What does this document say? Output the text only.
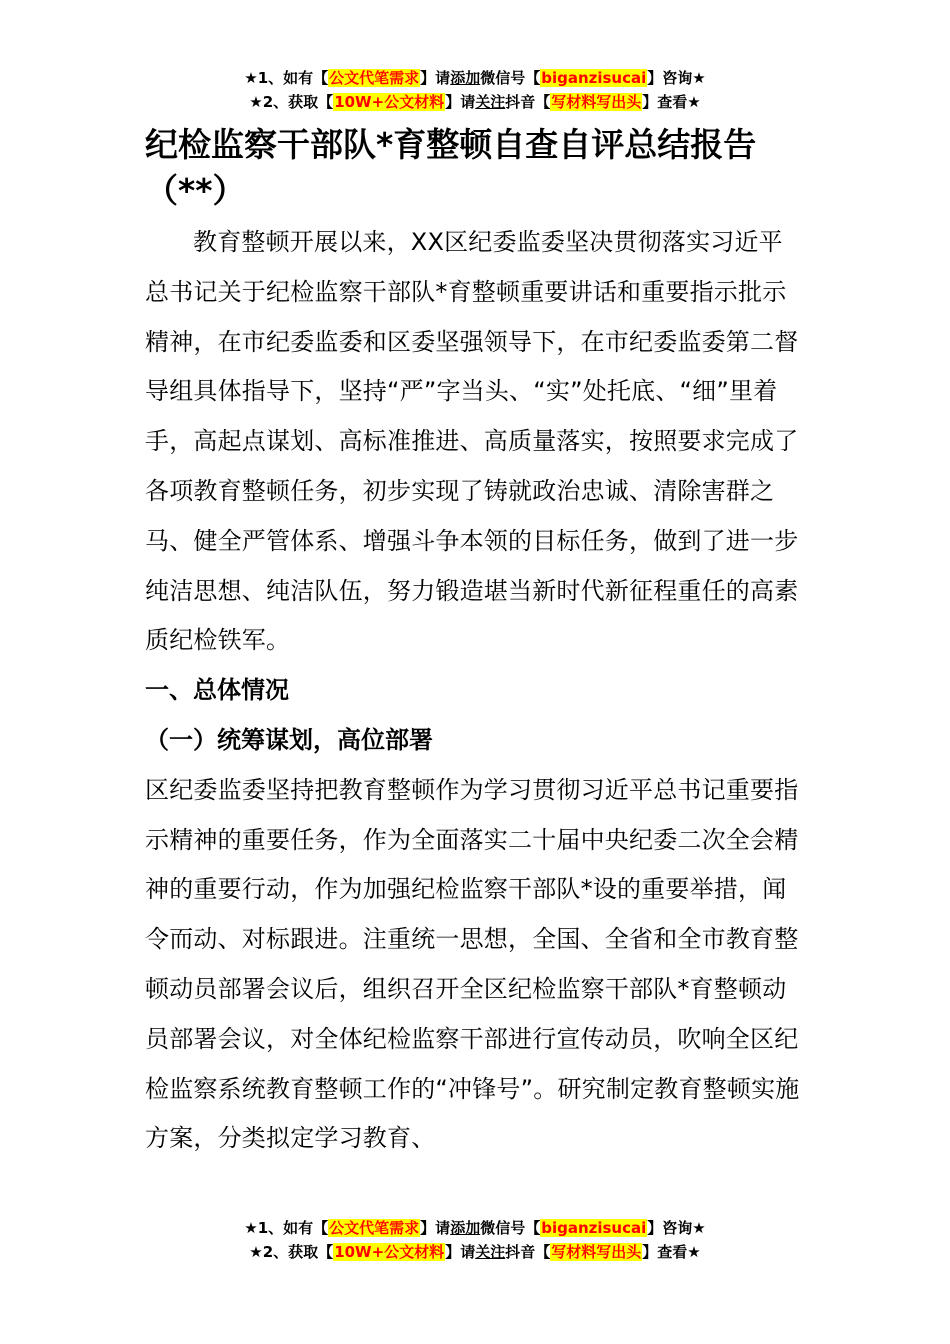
★1、如有【公文代笔需求】请添加微信号【biganzisucai】咨询★
★2、获取【10W+公文材料】请关注抖音【写材料写出头】查看★
纪检监察干部队*育整顿自查自评总结报告
（**）

教育整顿开展以来，XX区纪委监委坚决贯彻落实习近平总书记关于纪检监察干部队*育整顿重要讲话和重要指示批示精神，在市纪委监委和区委坚强领导下，在市纪委监委第二督导组具体指导下，坚持“严”字当头、“实”处托底、“细”里着手，高起点谋划、高标准推进、高质量落实，按照要求完成了各项教育整顿任务，初步实现了铸就政治忠诚、清除害群之马、健全严管体系、增强斗争本领的目标任务，做到了进一步纯洁思想、纯洁队伍，努力锻造堪当新时代新征程重任的高素质纪检铁军。

一、总体情况
（一）统筹谋划，高位部署

区纪委监委坚持把教育整顿作为学习贯彻习近平总书记重要指示精神的重要任务，作为全面落实二十届中央纪委二次全会精神的重要行动，作为加强纪检监察干部队*设的重要举措，闻令而动、对标跟进。注重统一思想，全国、全省和全市教育整顿动员部署会议后，组织召开全区纪检监察干部队*育整顿动员部署会议，对全体纪检监察干部进行宣传动员，吹响全区纪检监察系统教育整顿工作的“冲锋号”。研究制定教育整顿实施方案，分类拟定学习教育、

★1、如有【公文代笔需求】请添加微信号【biganzisucai】咨询★
★2、获取【10W+公文材料】请关注抖音【写材料写出头】查看★
